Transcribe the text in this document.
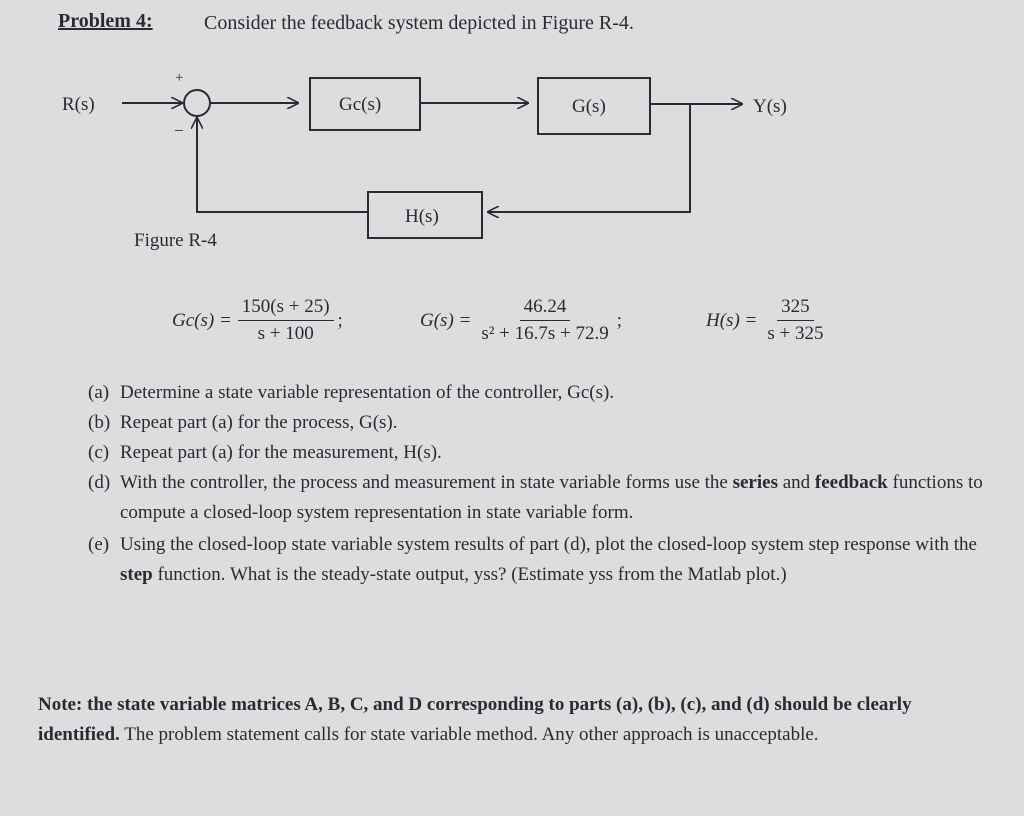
Problem 4:	Consider the feedback system depicted in Figure R-4.
R(s)	Y(s)
+
−
Gc(s)	G(s)
H(s)
Figure R-4
$Gc(s) = \frac{150(s + 25)}{s + 100}$ ;	$G(s) = \frac{46.24}{\text{s² + 16.7s + 72.9}}$ ;	$H(s) = \frac{325}{s + 325}$
(a) Determine a state variable representation of the controller, Gc(s).
(b) Repeat part (a) for the process, G(s).
(c) Repeat part (a) for the measurement, H(s).
(d) With the controller, the process and measurement in state variable forms use the series and feedback functions to compute a closed-loop system representation in state variable form.
(e) Using the closed-loop state variable system results of part (d), plot the closed-loop system step response with the step function. What is the steady-state output, yss? (Estimate yss from the Matlab plot.)
Note: the state variable matrices A, B, C, and D corresponding to parts (a), (b), (c), and (d) should be clearly identified. The problem statement calls for state variable method. Any other approach is unacceptable.
